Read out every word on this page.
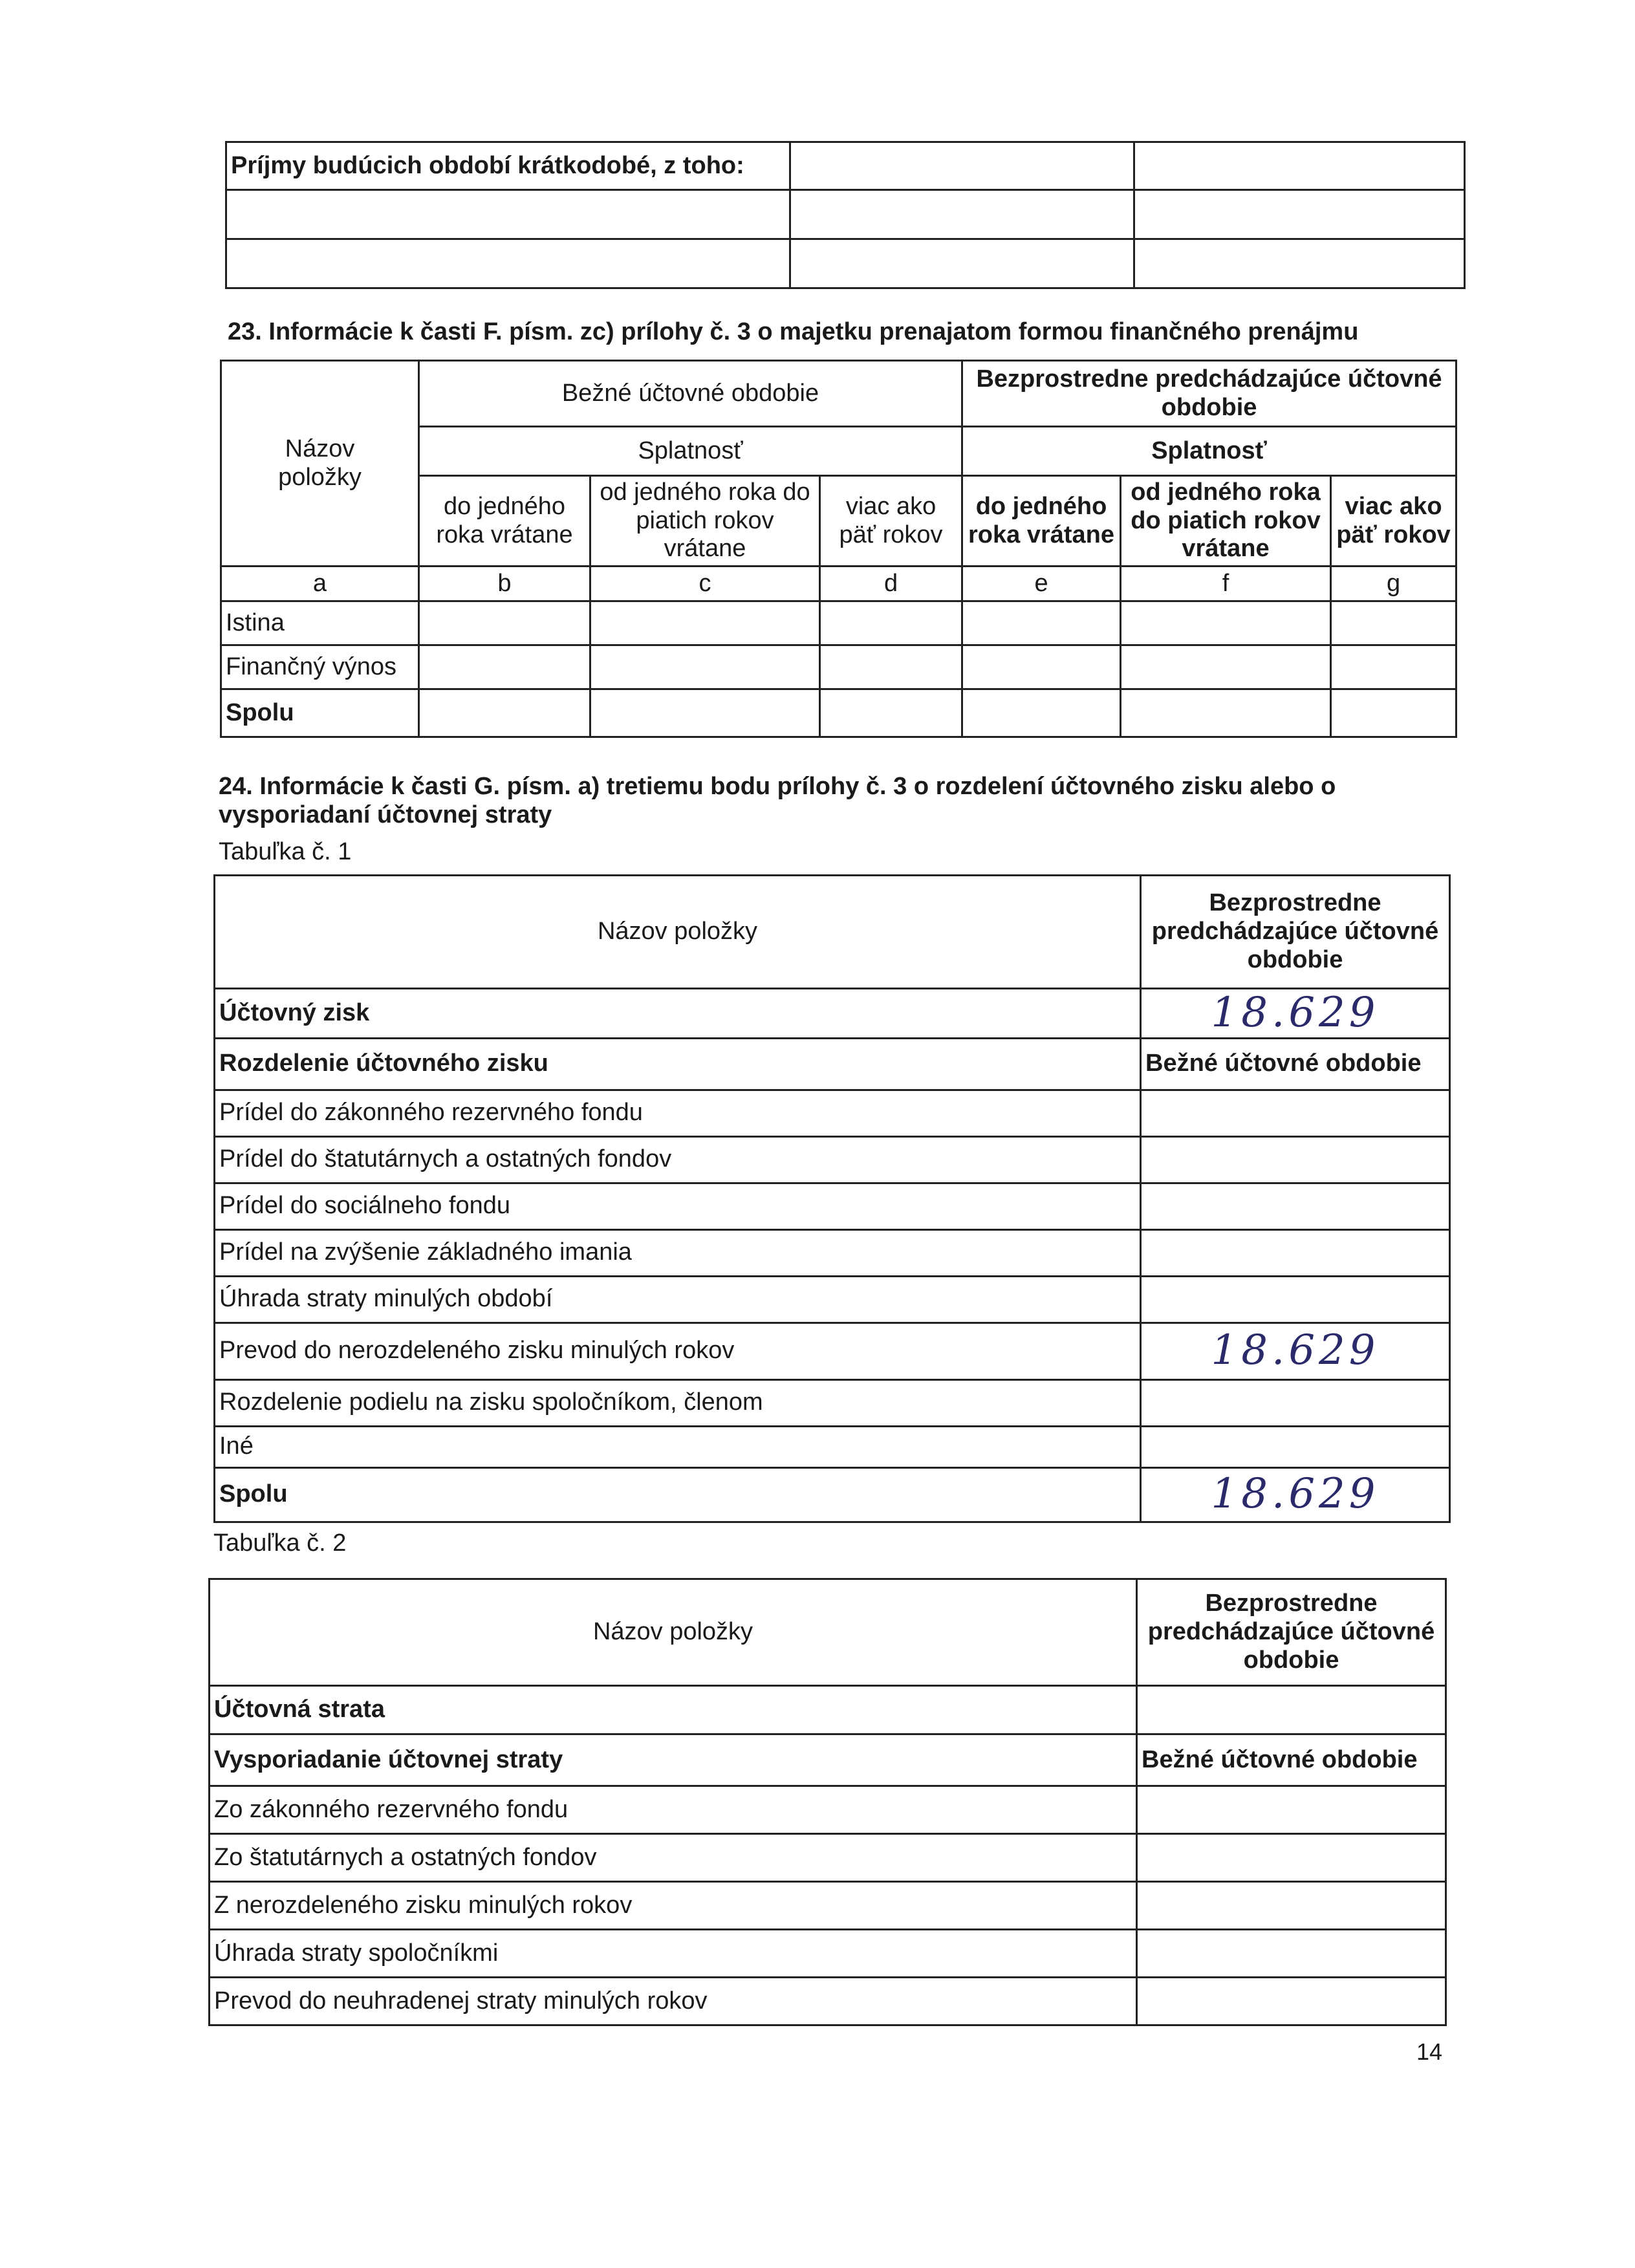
Príjmy budúcich období krátkodobé, z toho:		

23. Informácie k časti F. písm. zc) prílohy č. 3 o majetku prenajatom formou finančného prenájmu
Názov položky	Bežné účtovné obdobie			Bezprostredne predchádzajúce účtovné obdobie		
	Splatnosť			Splatnosť		
	do jedného roka vrátane	od jedného roka do piatich rokov vrátane	viac ako päť rokov	do jedného roka vrátane	od jedného roka do piatich rokov vrátane	viac ako päť rokov
a	b	c	d	e	f	g
Istina						
Finančný výnos						
Spolu						
24. Informácie k časti G. písm. a) tretiemu bodu prílohy č. 3 o rozdelení účtovného zisku alebo o vysporiadaní účtovnej straty
Tabuľka č. 1
Názov položky	Bezprostredne predchádzajúce účtovné obdobie
Účtovný zisk	18.629
Rozdelenie účtovného zisku	Bežné účtovné obdobie
Prídel do zákonného rezervného fondu	
Prídel do štatutárnych a ostatných fondov	
Prídel do sociálneho fondu	
Prídel na zvýšenie základného imania	
Úhrada straty minulých období	
Prevod do nerozdeleného zisku minulých rokov	18.629
Rozdelenie podielu na zisku spoločníkom, členom	
Iné	
Spolu	18.629
Tabuľka č. 2
Názov položky	Bezprostredne predchádzajúce účtovné obdobie
Účtovná strata	
Vysporiadanie účtovnej straty	Bežné účtovné obdobie
Zo zákonného rezervného fondu	
Zo štatutárnych a ostatných fondov	
Z nerozdeleného zisku minulých rokov	
Úhrada straty spoločníkmi	
Prevod do neuhradenej straty minulých rokov	
14
